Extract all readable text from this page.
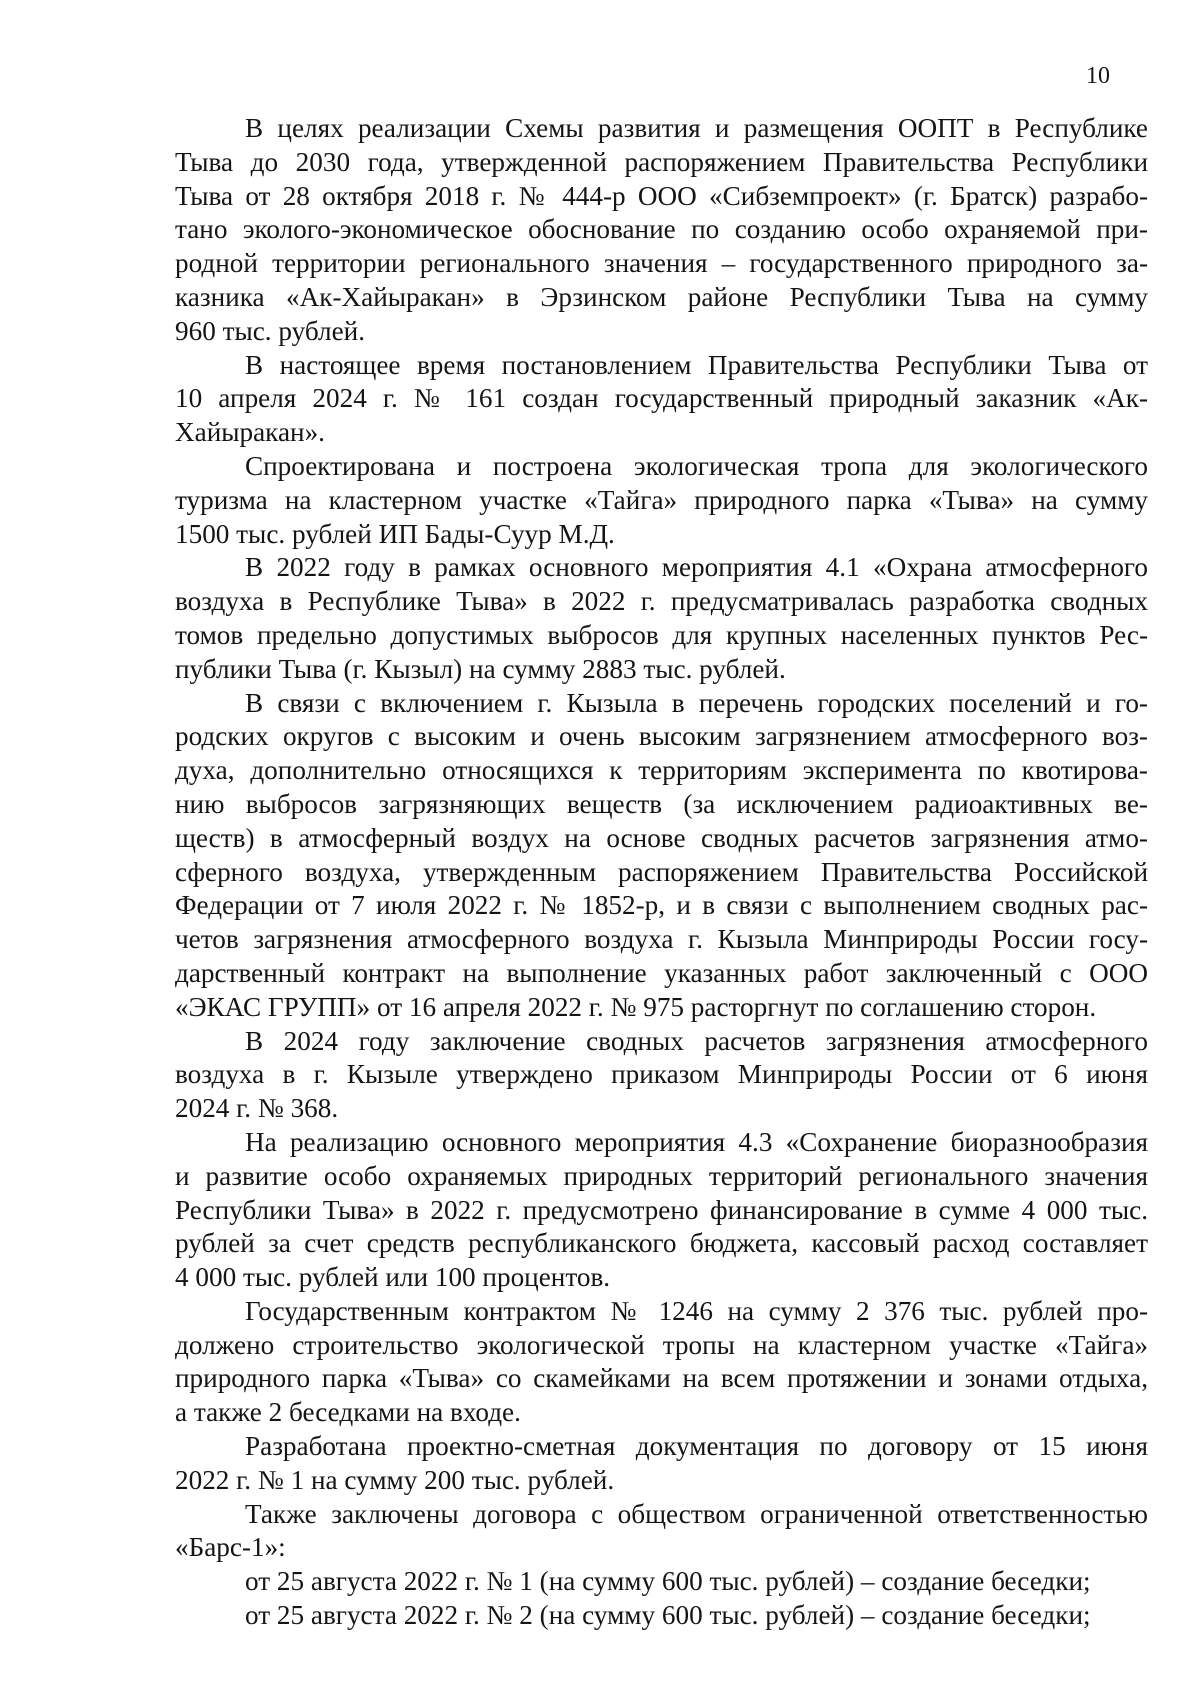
10
В целях реализации Схемы развития и размещения ООПТ в Республике
Тыва до 2030 года, утвержденной распоряжением Правительства Республики
Тыва от 28 октября 2018 г. № 444-р ООО «Сибземпроект» (г. Братск) разрабо-
тано эколого-экономическое обоснование по созданию особо охраняемой при-
родной территории регионального значения – государственного природного за-
казника «Ак-Хайыракан» в Эрзинском районе Республики Тыва на сумму
960 тыс. рублей.
В настоящее время постановлением Правительства Республики Тыва от
10 апреля 2024 г. № 161 создан государственный природный заказник «Ак-
Хайыракан».
Спроектирована и построена экологическая тропа для экологического
туризма на кластерном участке «Тайга» природного парка «Тыва» на сумму
1500 тыс. рублей ИП Бады-Суур М.Д.
В 2022 году в рамках основного мероприятия 4.1 «Охрана атмосферного
воздуха в Республике Тыва» в 2022 г. предусматривалась разработка сводных
томов предельно допустимых выбросов для крупных населенных пунктов Рес-
публики Тыва (г. Кызыл) на сумму 2883 тыс. рублей.
В связи с включением г. Кызыла в перечень городских поселений и го-
родских округов с высоким и очень высоким загрязнением атмосферного воз-
духа, дополнительно относящихся к территориям эксперимента по квотирова-
нию выбросов загрязняющих веществ (за исключением радиоактивных ве-
ществ) в атмосферный воздух на основе сводных расчетов загрязнения атмо-
сферного воздуха, утвержденным распоряжением Правительства Российской
Федерации от 7 июля 2022 г. № 1852-р, и в связи с выполнением сводных рас-
четов загрязнения атмосферного воздуха г. Кызыла Минприроды России госу-
дарственный контракт на выполнение указанных работ заключенный с ООО
«ЭКАС ГРУПП» от 16 апреля 2022 г. № 975 расторгнут по соглашению сторон.
В 2024 году заключение сводных расчетов загрязнения атмосферного
воздуха в г. Кызыле утверждено приказом Минприроды России от 6 июня
2024 г. № 368.
На реализацию основного мероприятия 4.3 «Сохранение биоразнообразия
и развитие особо охраняемых природных территорий регионального значения
Республики Тыва» в 2022 г. предусмотрено финансирование в сумме 4 000 тыс.
рублей за счет средств республиканского бюджета, кассовый расход составляет
4 000 тыс. рублей или 100 процентов.
Государственным контрактом № 1246 на сумму 2 376 тыс. рублей про-
должено строительство экологической тропы на кластерном участке «Тайга»
природного парка «Тыва» со скамейками на всем протяжении и зонами отдыха,
а также 2 беседками на входе.
Разработана проектно-сметная документация по договору от 15 июня
2022 г. № 1 на сумму 200 тыс. рублей.
Также заключены договора с обществом ограниченной ответственностью
«Барс-1»:
от 25 августа 2022 г. № 1 (на сумму 600 тыс. рублей) – создание беседки;
от 25 августа 2022 г. № 2 (на сумму 600 тыс. рублей) – создание беседки;
